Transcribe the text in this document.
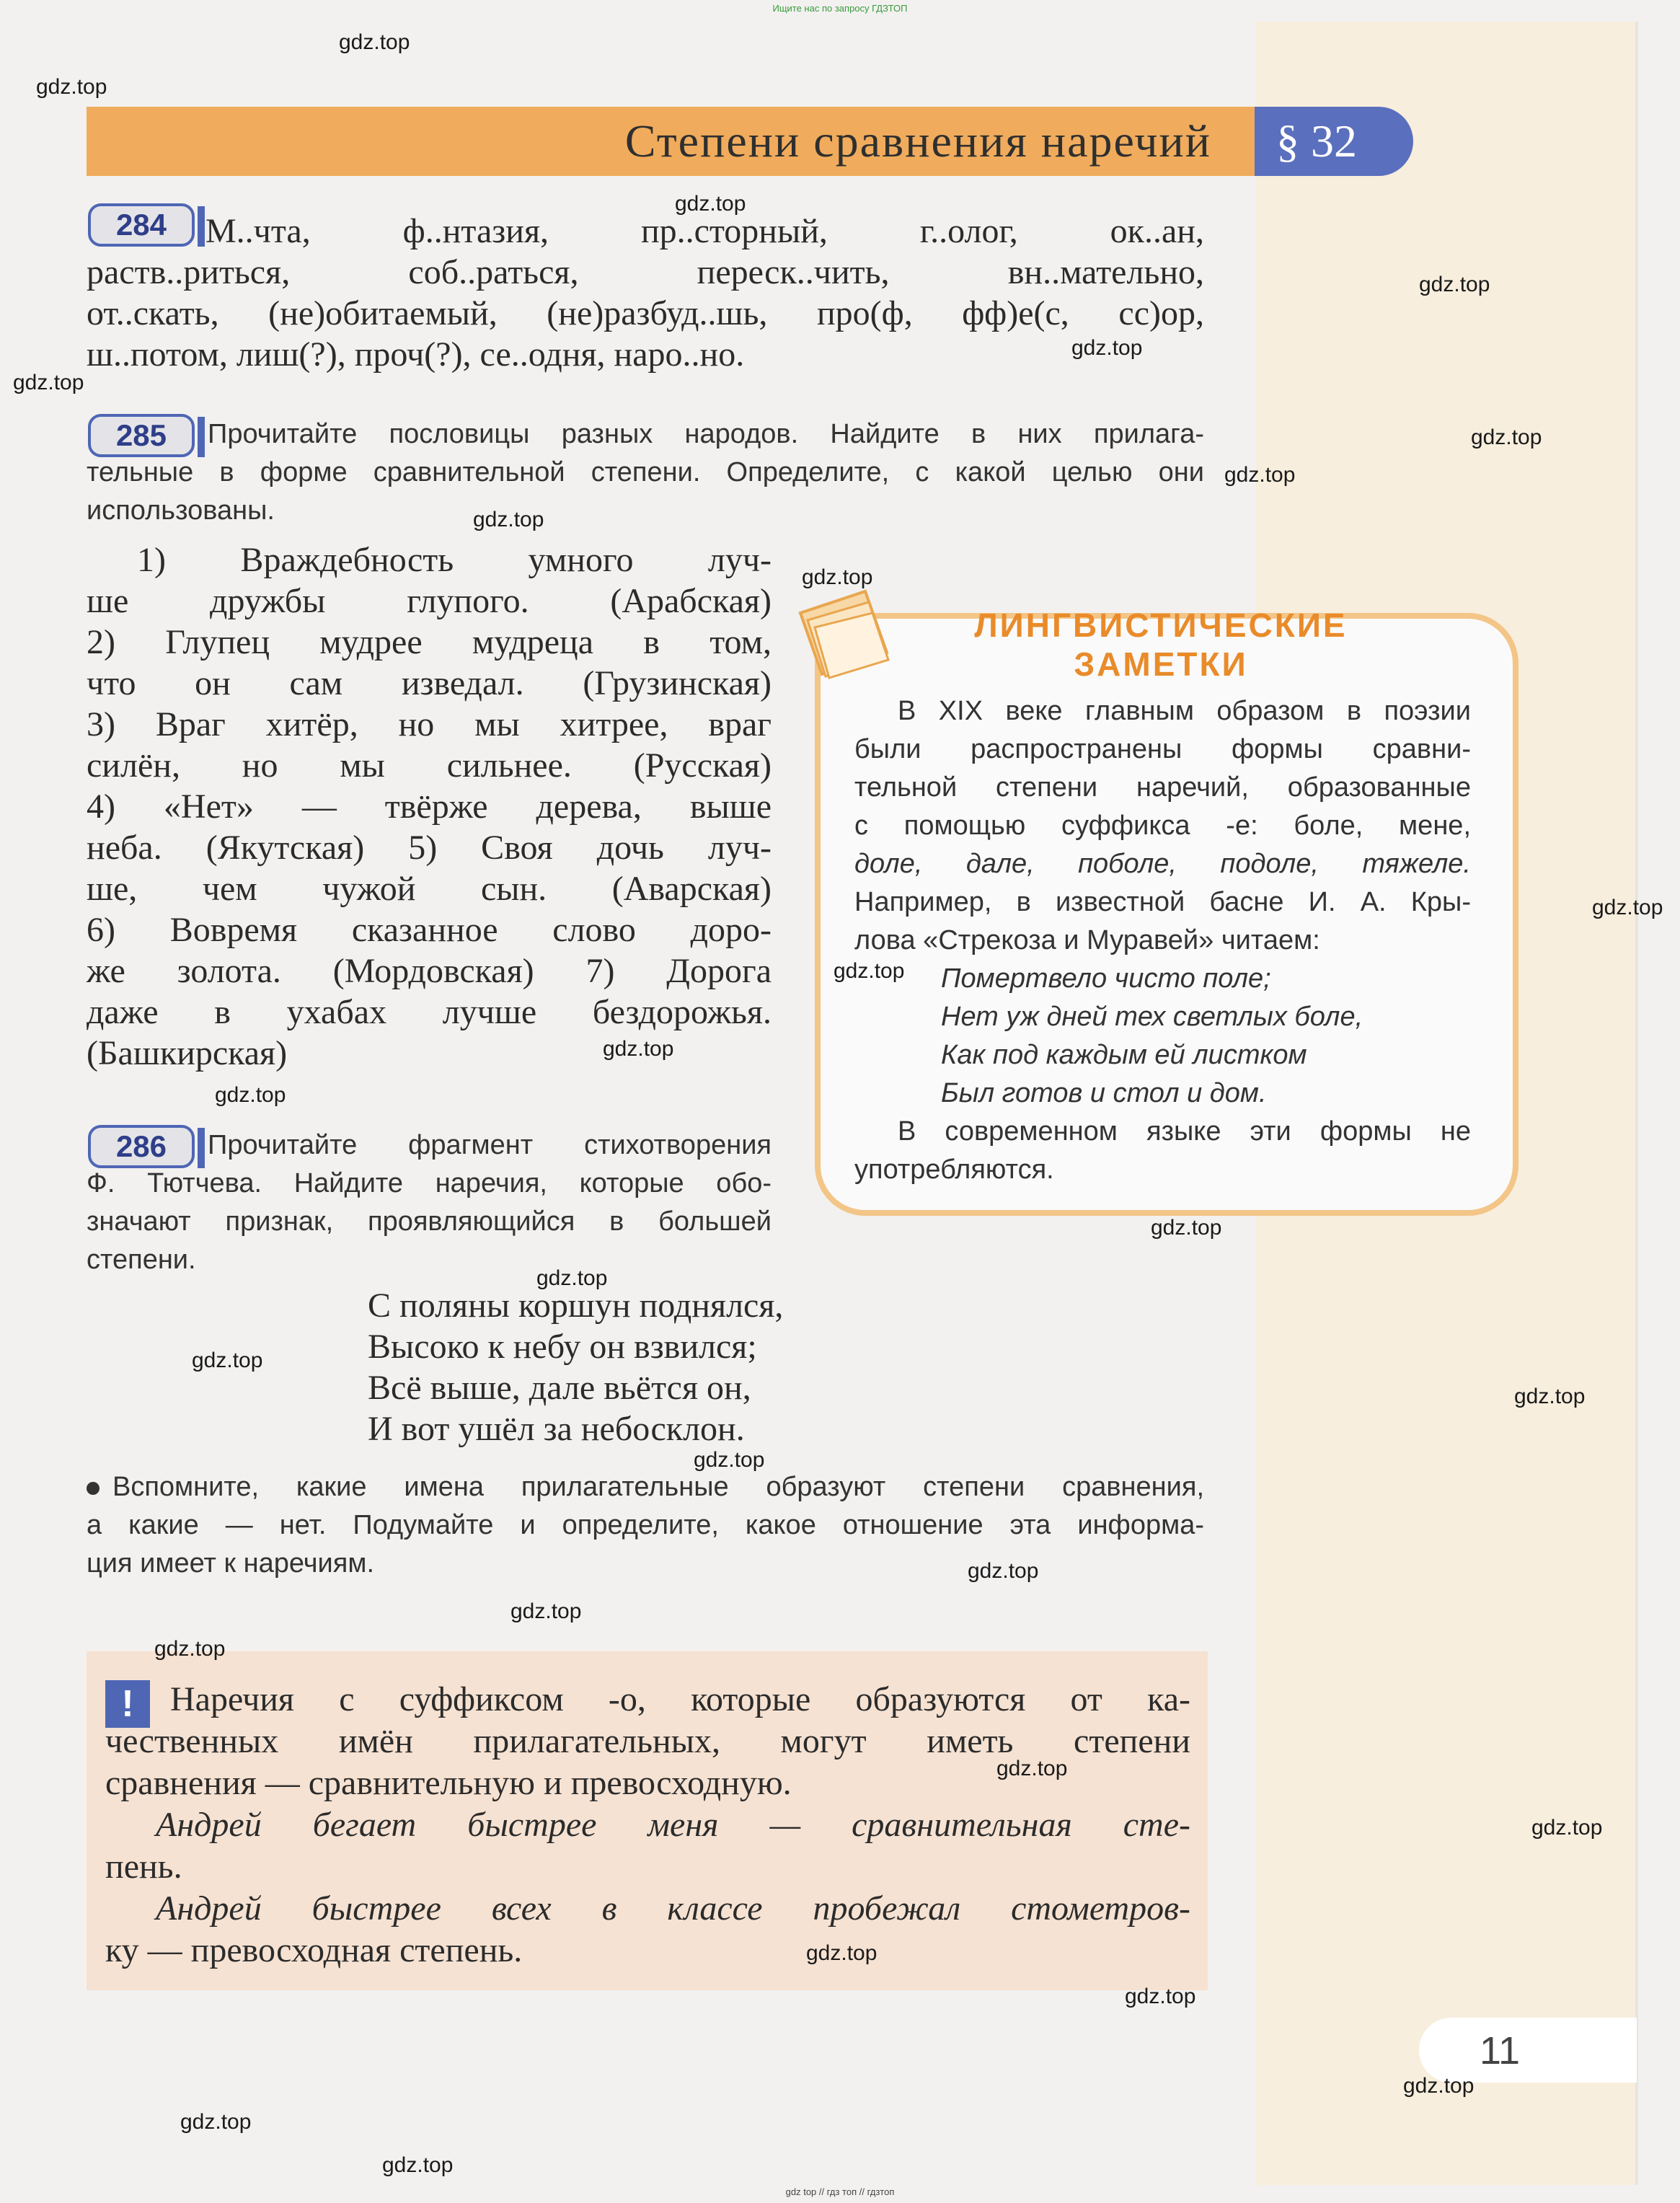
Ищите нас по запросу ГДЗТОП
Степени сравнения наречий	§ 32
284	М..чта, ф..нтазия, пр..сторный, г..олог, ок..ан,
раств..риться, соб..раться, переск..чить, вн..мательно,
от..скать, (не)обитаемый, (не)разбуд..шь, про(ф, фф)е(с, сс)ор,
ш..потом, лиш(?), проч(?), се..одня, наро..но.
285	Прочитайте пословицы разных народов. Найдите в них прилага-
тельные в форме сравнительной степени. Определите, с какой целью они
использованы.
1) Враждебность умного луч-
ше дружбы глупого. (Арабская)
2) Глупец мудрее мудреца в том,
что он сам изведал. (Грузинская)
3) Враг хитёр, но мы хитрее, враг
силён, но мы сильнее. (Русская)
4) «Нет» — твёрже дерева, выше
неба. (Якутская) 5) Своя дочь луч-
ше, чем чужой сын. (Аварская)
6) Вовремя сказанное слово доро-
же золота. (Мордовская) 7) Дорога
даже в ухабах лучше бездорожья.
(Башкирская)
ЛИНГВИСТИЧЕСКИЕ
ЗАМЕТКИ
В XIX веке главным образом в поэзии
были распространены формы сравни-
тельной степени наречий, образованные
с помощью суффикса -е: боле, мене,
доле, дале, поболе, подоле, тяжеле.
Например, в известной басне И. А. Кры-
лова «Стрекоза и Муравей» читаем:
Помертвело чисто поле;
Нет уж дней тех светлых боле,
Как под каждым ей листком
Был готов и стол и дом.
В современном языке эти формы не
употребляются.
286	Прочитайте фрагмент стихотворения
Ф. Тютчева. Найдите наречия, которые обо-
значают признак, проявляющийся в большей
степени.
С поляны коршун поднялся,
Высоко к небу он взвился;
Всё выше, дале вьётся он,
И вот ушёл за небосклон.
Вспомните, какие имена прилагательные образуют степени сравнения,
а какие — нет. Подумайте и определите, какое отношение эта информа-
ция имеет к наречиям.
!	Наречия с суффиксом -о, которые образуются от ка-
чественных имён прилагательных, могут иметь степени
сравнения — сравнительную и превосходную.
Андрей бегает быстрее меня — сравнительная сте-
пень.
Андрей быстрее всех в классе пробежал стометров-
ку — превосходная степень.
11
gdz.top
gdz.top
gdz.top
gdz.top
gdz.top
gdz.top
gdz.top
gdz.top
gdz.top
gdz.top
gdz.top
gdz.top
gdz.top
gdz.top
gdz.top
gdz.top
gdz.top
gdz.top
gdz.top
gdz.top
gdz.top
gdz.top
gdz.top
gdz.top
gdz.top
gdz.top
gdz.top
gdz.top
gdz.top
gdz top // гдз топ // гдзтоп
